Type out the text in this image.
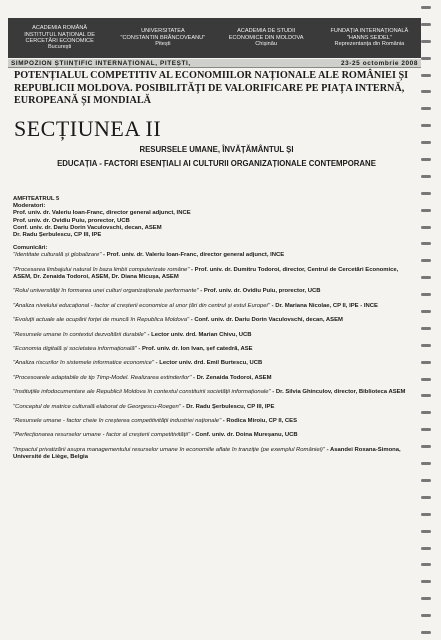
ACADEMIA ROMÂNĂ
INSTITUTUL NAȚIONAL DE
CERCETĂRI ECONOMICE
București
UNIVERSITATEA
"CONSTANTIN BRÂNCOVEANU"
Pitești
ACADEMIA DE STUDII
ECONOMICE DIN MOLDOVA
Chișinău
FUNDAȚIA INTERNAȚIONALĂ
"HANNS SEIDEL"
Reprezentanța din România
SIMPOZION ȘTIINȚIFIC INTERNAȚIONAL, PITEȘTI,	23-25 octombrie 2008
POTENȚIALUL COMPETITIV AL ECONOMIILOR NAȚIONALE ALE ROMÂNIEI ȘI REPUBLICII MOLDOVA. POSIBILITĂȚI DE VALORIFICARE PE PIAȚA INTERNĂ, EUROPEANĂ ȘI MONDIALĂ
SECȚIUNEA II
RESURSELE UMANE, ÎNVĂȚĂMÂNTUL ȘI
EDUCAȚIA - FACTORI ESENȚIALI AI CULTURII ORGANIZAȚIONALE CONTEMPORANE
AMFITEATRUL 5
Moderatori:
Prof. univ. dr. Valeriu Ioan-Franc, director general adjunct, INCE
Prof. univ. dr. Ovidiu Puiu, prorector, UCB
Conf. univ. dr. Dariu Dorin Vaculovschi, decan, ASEM
Dr. Radu Șerbulescu, CP III, IPE
Comunicări:
"Identitate culturală și globalizare" - Prof. univ. dr. Valeriu Ioan-Franc, director general adjunct, INCE
"Procesarea limbajului natural în baza limbii computerizate române" - Prof. univ. dr. Dumitru Todoroi, director, Centrul de Cercetări Economice, ASEM, Dr. Zenaida Todoroi, ASEM, Dr. Diana Micușa, ASEM
"Rolul universității în formarea unei culturi organizaționale performante" - Prof. univ. dr. Ovidiu Puiu, prorector, UCB
"Analiza nivelului educațional - factor al creșterii economice al unor țări din centrul și estul Europei" - Dr. Mariana Nicolae, CP II, IPE - INCE
"Evoluții actuale ale ocupării forței de muncă în Republica Moldova" - Conf. univ. dr. Dariu Dorin Vaculovschi, decan, ASEM
"Resursele umane în contextul dezvoltării durabile" - Lector univ. drd. Marian Chivu, UCB
"Economia digitală și societatea informațională" - Prof. univ. dr. Ion Ivan, șef catedră, ASE
"Analiza riscurilor în sistemele informatice economice" - Lector univ. drd. Emil Burtescu, UCB
"Procesoarele adaptabile de tip Timp-Model. Realizarea extinderilor" - Dr. Zenaida Todoroi, ASEM
"Instituțiile infodocumentare ale Republicii Moldova în contextul constituirii societății informaționale" - Dr. Silvia Ghinculov, director, Biblioteca ASEM
"Conceptul de matrice culturală elaborat de Georgescu-Roegen" - Dr. Radu Șerbulescu, CP III, IPE
"Resursele umane - factor cheie în creșterea competitivității industriei naționale" - Rodica Miroiu, CP II, CES
"Perfecționarea resurselor umane - factor al creșterii competitivității" - Conf. univ. dr. Doina Mureșanu, UCB
"Impactul privatizării asupra managementului resurselor umane în economiile aflate în tranziție (pe exemplul României)" - Asandei Roxana-Simona, Université de Liège, Belgia
